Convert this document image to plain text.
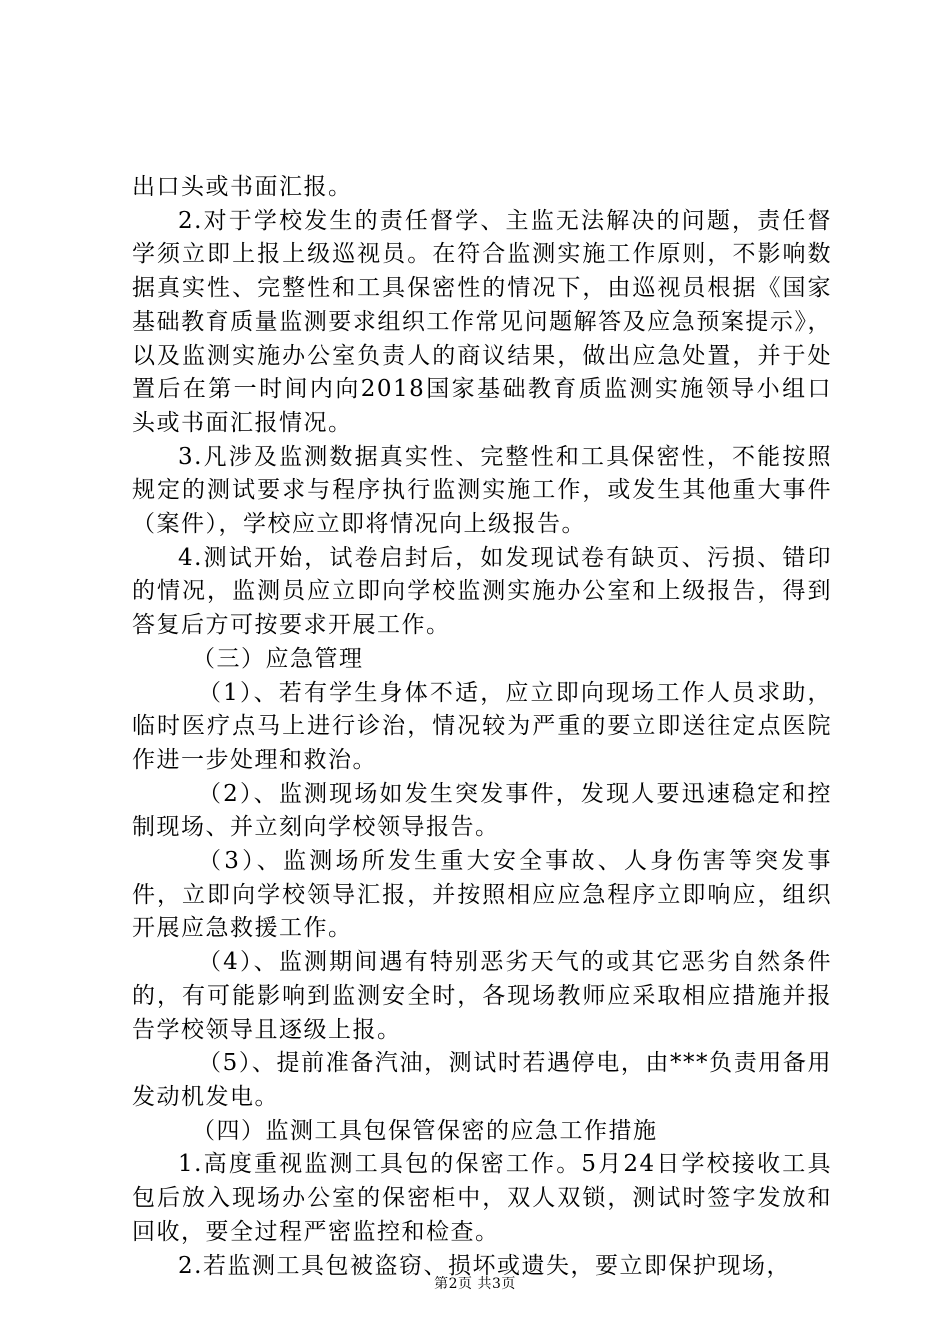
出口头或书面汇报。

2.对于学校发生的责任督学、主监无法解决的问题，责任督学须立即上报上级巡视员。在符合监测实施工作原则，不影响数据真实性、完整性和工具保密性的情况下，由巡视员根据《国家基础教育质量监测要求组织工作常见问题解答及应急预案提示》，以及监测实施办公室负责人的商议结果，做出应急处置，并于处置后在第一时间内向2018国家基础教育质监测实施领导小组口头或书面汇报情况。

3.凡涉及监测数据真实性、完整性和工具保密性，不能按照规定的测试要求与程序执行监测实施工作，或发生其他重大事件（案件），学校应立即将情况向上级报告。

4.测试开始，试卷启封后，如发现试卷有缺页、污损、错印的情况，监测员应立即向学校监测实施办公室和上级报告，得到答复后方可按要求开展工作。

（三）应急管理

（1）、若有学生身体不适，应立即向现场工作人员求助，临时医疗点马上进行诊治，情况较为严重的要立即送往定点医院作进一步处理和救治。

（2）、监测现场如发生突发事件，发现人要迅速稳定和控制现场、并立刻向学校领导报告。

（3）、监测场所发生重大安全事故、人身伤害等突发事件，立即向学校领导汇报，并按照相应应急程序立即响应，组织开展应急救援工作。

（4）、监测期间遇有特别恶劣天气的或其它恶劣自然条件的，有可能影响到监测安全时，各现场教师应采取相应措施并报告学校领导且逐级上报。

（5）、提前准备汽油，测试时若遇停电，由***负责用备用发动机发电。

（四）监测工具包保管保密的应急工作措施

1.高度重视监测工具包的保密工作。5月24日学校接收工具包后放入现场办公室的保密柜中，双人双锁，测试时签字发放和回收，要全过程严密监控和检查。

2.若监测工具包被盗窃、损坏或遗失，要立即保护现场，

第2页 共3页
